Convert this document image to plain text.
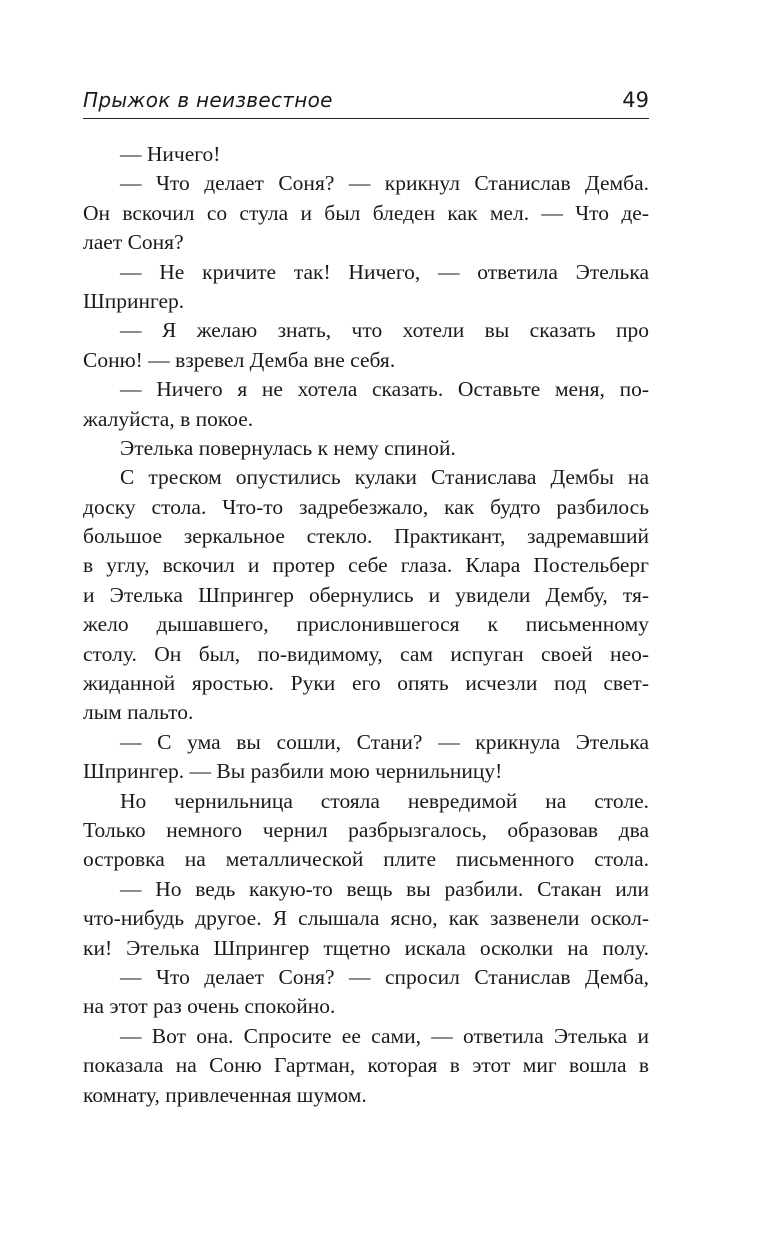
Прыжок в неизвестное	49
— Ничего!
— Что делает Соня? — крикнул Станислав Демба.
Он вскочил со стула и был бледен как мел. — Что де-
лает Соня?
— Не кричите так! Ничего, — ответила Этелька
Шпрингер.
— Я желаю знать, что хотели вы сказать про
Соню! — взревел Демба вне себя.
— Ничего я не хотела сказать. Оставьте меня, по-
жалуйста, в покое.
Этелька повернулась к нему спиной.
С треском опустились кулаки Станислава Дембы на
доску стола. Что-то задребезжало, как будто разбилось
большое зеркальное стекло. Практикант, задремавший
в углу, вскочил и протер себе глаза. Клара Постельберг
и Этелька Шпрингер обернулись и увидели Дембу, тя-
жело дышавшего, прислонившегося к письменному
столу. Он был, по-видимому, сам испуган своей нео-
жиданной яростью. Руки его опять исчезли под свет-
лым пальто.
— С ума вы сошли, Стани? — крикнула Этелька
Шпрингер. — Вы разбили мою чернильницу!
Но чернильница стояла невредимой на столе.
Только немного чернил разбрызгалось, образовав два
островка на металлической плите письменного стола.
— Но ведь какую-то вещь вы разбили. Стакан или
что-нибудь другое. Я слышала ясно, как зазвенели оскол-
ки! Этелька Шпрингер тщетно искала осколки на полу.
— Что делает Соня? — спросил Станислав Демба,
на этот раз очень спокойно.
— Вот она. Спросите ее сами, — ответила Этелька и
показала на Соню Гартман, которая в этот миг вошла в
комнату, привлеченная шумом.
